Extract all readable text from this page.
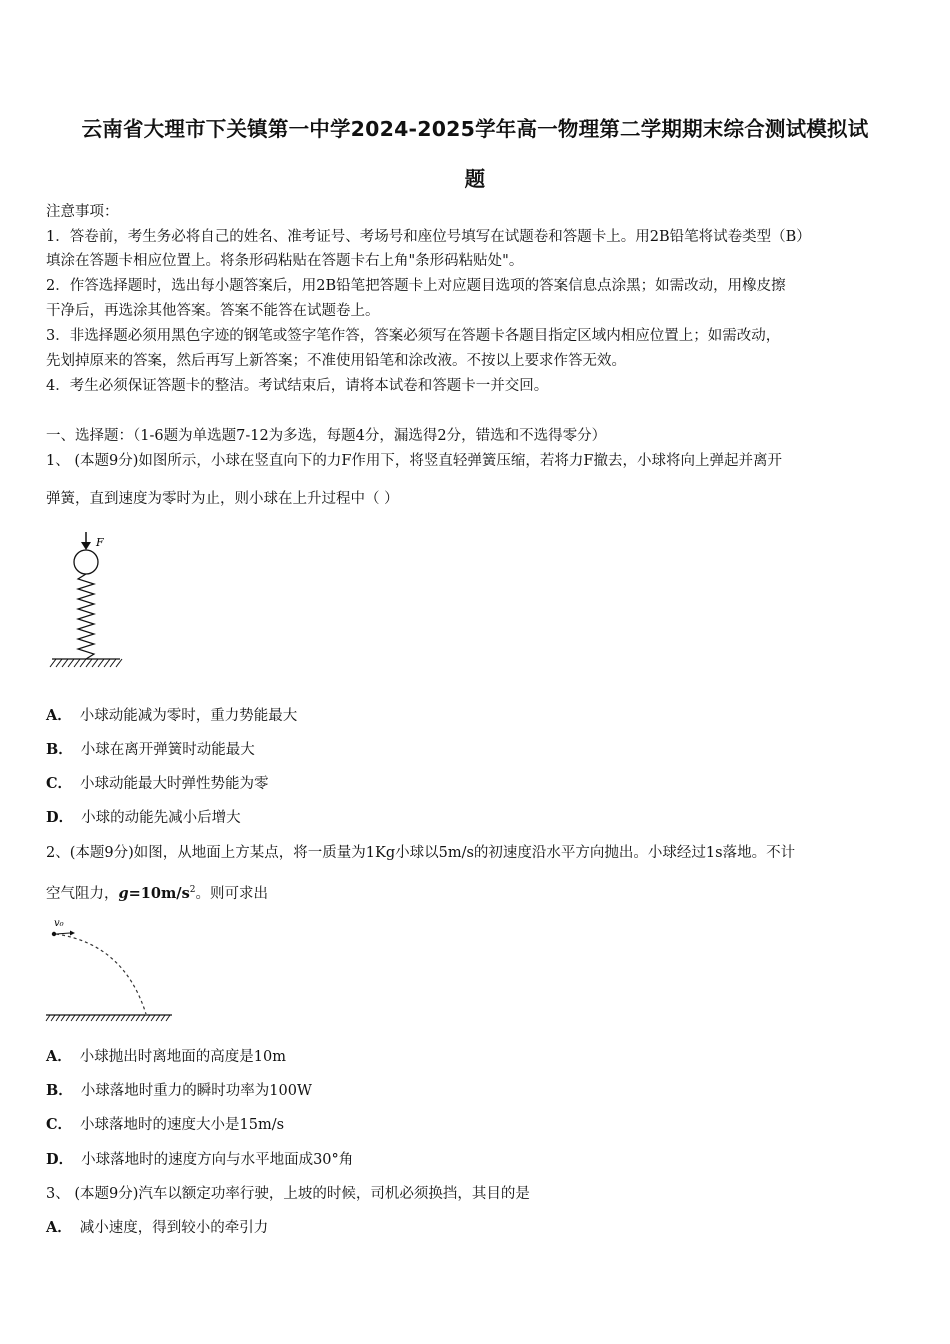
云南省大理市下关镇第一中学2024-2025学年高一物理第二学期期末综合测试模拟试
题
注意事项：
1．答卷前，考生务必将自己的姓名、准考证号、考场号和座位号填写在试题卷和答题卡上。用2B铅笔将试卷类型（B）
填涂在答题卡相应位置上。将条形码粘贴在答题卡右上角"条形码粘贴处"。
2．作答选择题时，选出每小题答案后，用2B铅笔把答题卡上对应题目选项的答案信息点涂黑；如需改动，用橡皮擦
干净后，再选涂其他答案。答案不能答在试题卷上。
3．非选择题必须用黑色字迹的钢笔或签字笔作答，答案必须写在答题卡各题目指定区域内相应位置上；如需改动，
先划掉原来的答案，然后再写上新答案；不准使用铅笔和涂改液。不按以上要求作答无效。
4．考生必须保证答题卡的整洁。考试结束后，请将本试卷和答题卡一并交回。
一、选择题：（1-6题为单选题7-12为多选，每题4分，漏选得2分，错选和不选得零分）
1、 (本题9分)如图所示，小球在竖直向下的力F作用下，将竖直轻弹簧压缩，若将力F撤去，小球将向上弹起并离开
弹簧，直到速度为零时为止，则小球在上升过程中（ ）
F
A． 小球动能减为零时，重力势能最大
B． 小球在离开弹簧时动能最大
C． 小球动能最大时弹性势能为零
D． 小球的动能先减小后增大
2、(本题9分)如图，从地面上方某点，将一质量为1Kg小球以5m/s的初速度沿水平方向抛出。小球经过1s落地。不计
空气阻力，$g=10m/s^2$。则可求出
v₀
A． 小球抛出时离地面的高度是10m
B． 小球落地时重力的瞬时功率为100W
C． 小球落地时的速度大小是15m/s
D． 小球落地时的速度方向与水平地面成30°角
3、 (本题9分)汽车以额定功率行驶，上坡的时候，司机必须换挡，其目的是
A． 减小速度，得到较小的牵引力
